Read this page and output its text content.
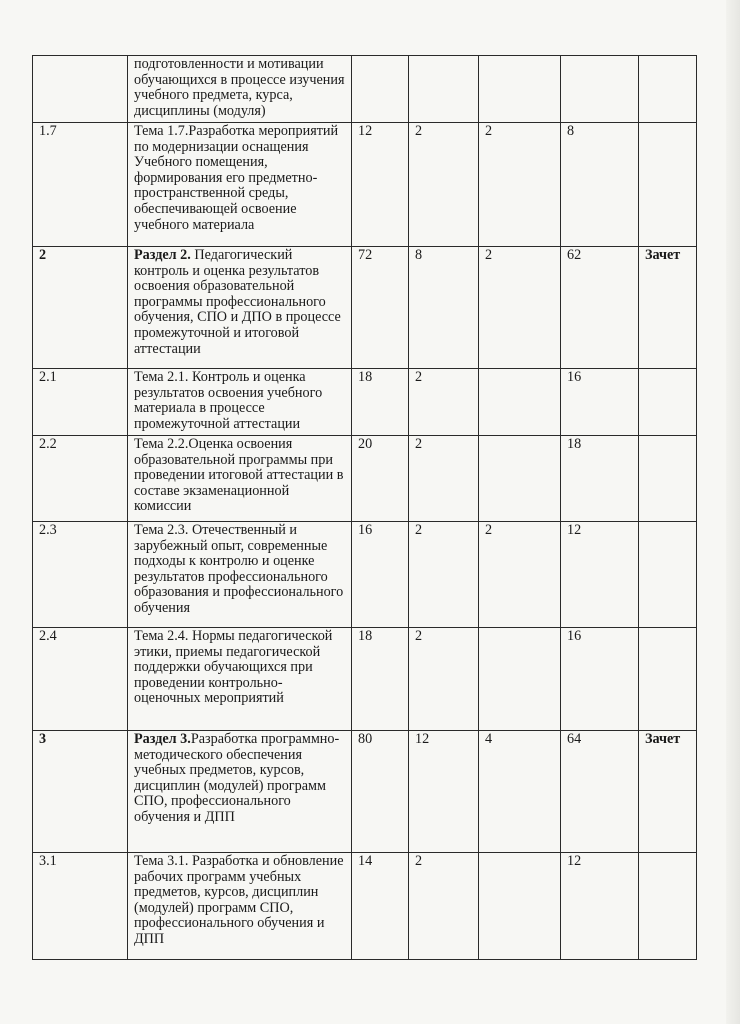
	подготовленности и мотивации обучающихся в процессе изучения учебного предмета, курса, дисциплины (модуля)					
1.7	Тема 1.7.Разработка мероприятий по модернизации оснащения Учебного помещения, формирования его предметно-пространственной среды, обеспечивающей освоение учебного материала	12	2	2	8	
2	Раздел 2. Педагогический контроль и оценка результатов освоения образовательной программы профессионального обучения, СПО и ДПО в процессе промежуточной и итоговой аттестации	72	8	2	62	Зачет
2.1	Тема 2.1. Контроль и оценка результатов освоения учебного материала в процессе промежуточной аттестации	18	2		16	
2.2	Тема 2.2.Оценка освоения образовательной программы при проведении итоговой аттестации в составе экзаменационной комиссии	20	2		18	
2.3	Тема 2.3. Отечественный и зарубежный опыт, современные подходы к контролю и оценке результатов профессионального образования и профессионального обучения	16	2	2	12	
2.4	Тема 2.4. Нормы педагогической этики, приемы педагогической поддержки обучающихся при проведении контрольно-оценочных мероприятий	18	2		16	
3	Раздел 3.Разработка программно-методического обеспечения учебных предметов, курсов, дисциплин (модулей) программ СПО, профессионального обучения и ДПП	80	12	4	64	Зачет
3.1	Тема 3.1. Разработка и обновление рабочих программ учебных предметов, курсов, дисциплин (модулей) программ СПО, профессионального обучения и ДПП	14	2		12	
